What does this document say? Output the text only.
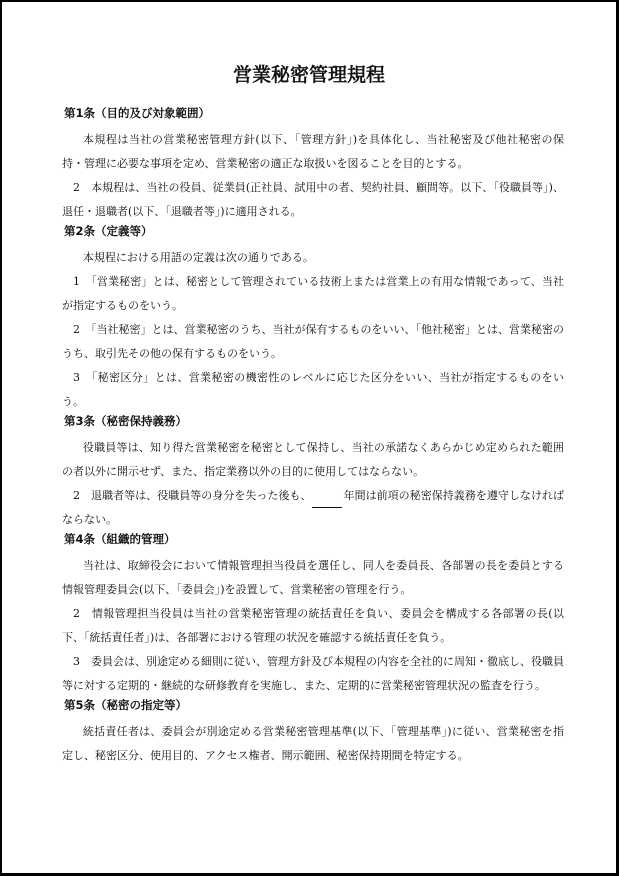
営業秘密管理規程
第1条（目的及び対象範囲）

本規程は当社の営業秘密管理方針(以下、「管理方針」)を具体化し、当社秘密及び他社秘密の保持・管理に必要な事項を定め、営業秘密の適正な取扱いを図ることを目的とする。

2　本規程は、当社の役員、従業員(正社員、試用中の者、契約社員、顧問等。以下、「役職員等」)、退任・退職者(以下、「退職者等」)に適用される。

第2条（定義等）

本規程における用語の定義は次の通りである。

1　「営業秘密」とは、秘密として管理されている技術上または営業上の有用な情報であって、当社が指定するものをいう。

2　「当社秘密」とは、営業秘密のうち、当社が保有するものをいい、「他社秘密」とは、営業秘密のうち、取引先その他の保有するものをいう。

3　「秘密区分」とは、営業秘密の機密性のレベルに応じた区分をいい、当社が指定するものをいう。

第3条（秘密保持義務）

役職員等は、知り得た営業秘密を秘密として保持し、当社の承諾なくあらかじめ定められた範囲の者以外に開示せず、また、指定業務以外の目的に使用してはならない。

2　退職者等は、役職員等の身分を失った後も、	年間は前項の秘密保持義務を遵守しなければならない。

第4条（組織的管理）

当社は、取締役会において情報管理担当役員を選任し、同人を委員長、各部署の長を委員とする情報管理委員会(以下、「委員会」)を設置して、営業秘密の管理を行う。

2　情報管理担当役員は当社の営業秘密管理の統括責任を負い、委員会を構成する各部署の長(以下、「統括責任者」)は、各部署における管理の状況を確認する統括責任を負う。

3　委員会は、別途定める細則に従い、管理方針及び本規程の内容を全社的に周知・徹底し、役職員等に対する定期的・継続的な研修教育を実施し、また、定期的に営業秘密管理状況の監査を行う。

第5条（秘密の指定等）

統括責任者は、委員会が別途定める営業秘密管理基準(以下、「管理基準」)に従い、営業秘密を指定し、秘密区分、使用目的、アクセス権者、開示範囲、秘密保持期間を特定する。
